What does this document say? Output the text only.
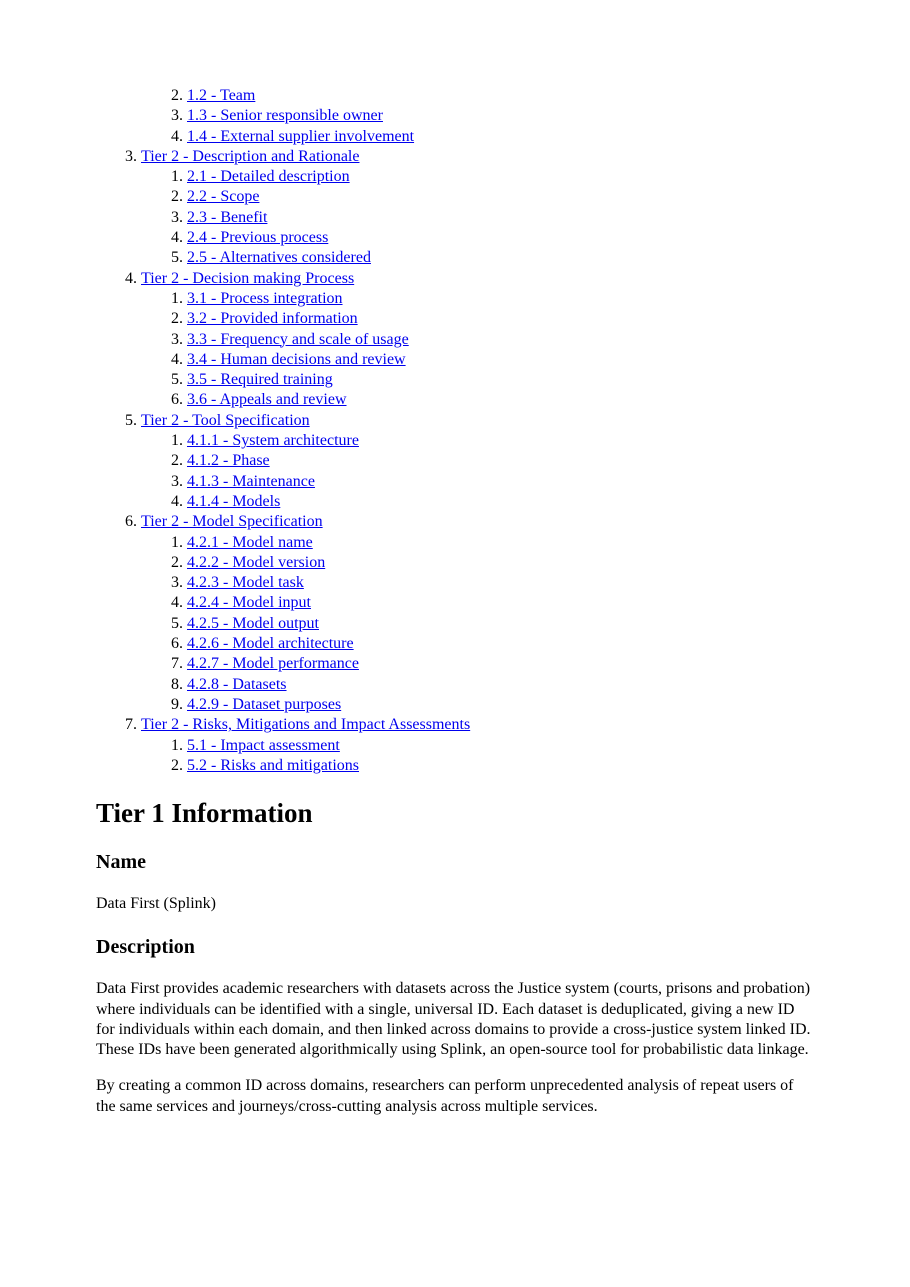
2. 1.2 - Team
3. 1.3 - Senior responsible owner
4. 1.4 - External supplier involvement
3. Tier 2 - Description and Rationale
1. 2.1 - Detailed description
2. 2.2 - Scope
3. 2.3 - Benefit
4. 2.4 - Previous process
5. 2.5 - Alternatives considered
4. Tier 2 - Decision making Process
1. 3.1 - Process integration
2. 3.2 - Provided information
3. 3.3 - Frequency and scale of usage
4. 3.4 - Human decisions and review
5. 3.5 - Required training
6. 3.6 - Appeals and review
5. Tier 2 - Tool Specification
1. 4.1.1 - System architecture
2. 4.1.2 - Phase
3. 4.1.3 - Maintenance
4. 4.1.4 - Models
6. Tier 2 - Model Specification
1. 4.2.1 - Model name
2. 4.2.2 - Model version
3. 4.2.3 - Model task
4. 4.2.4 - Model input
5. 4.2.5 - Model output
6. 4.2.6 - Model architecture
7. 4.2.7 - Model performance
8. 4.2.8 - Datasets
9. 4.2.9 - Dataset purposes
7. Tier 2 - Risks, Mitigations and Impact Assessments
1. 5.1 - Impact assessment
2. 5.2 - Risks and mitigations
Tier 1 Information
Name

Data First (Splink)

Description

Data First provides academic researchers with datasets across the Justice system (courts, prisons and probation) where individuals can be identified with a single, universal ID. Each dataset is deduplicated, giving a new ID for individuals within each domain, and then linked across domains to provide a cross-justice system linked ID. These IDs have been generated algorithmically using Splink, an open-source tool for probabilistic data linkage.

By creating a common ID across domains, researchers can perform unprecedented analysis of repeat users of the same services and journeys/cross-cutting analysis across multiple services.
